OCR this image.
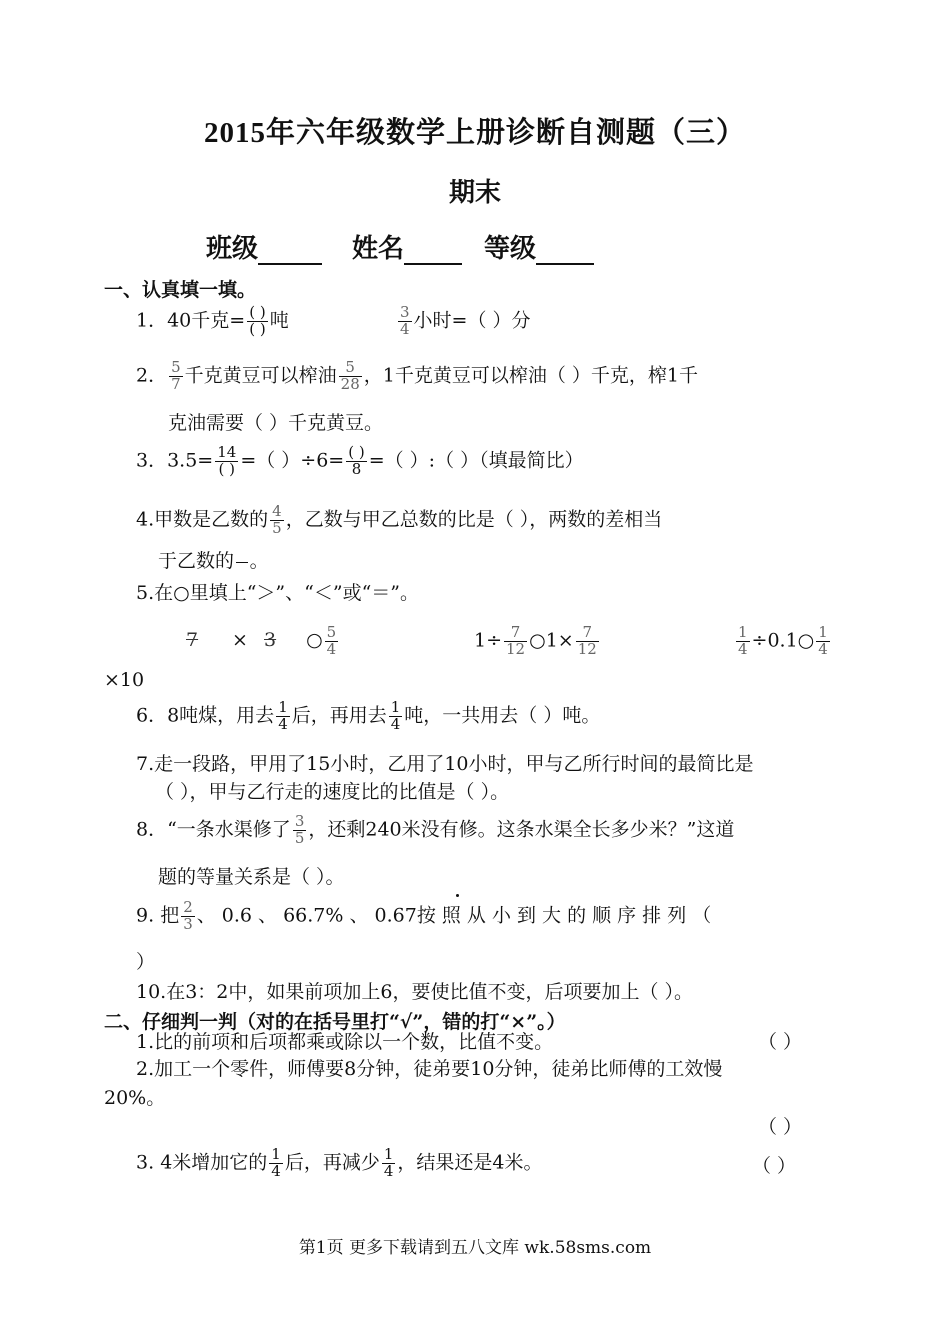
2015年六年级数学上册诊断自测题（三）
期末
班级	姓名	等级
一、认真填一填。
1．40千克= $\frac{( )}{( )}$ 吨	$\frac{3}{4}$ 小时=（ ）分
2． $\frac{5}{7}$ 千克黄豆可以榨油 $\frac{5}{28}$ ，1千克黄豆可以榨油（ ）千克，榨1千
克油需要（ ）千克黄豆。
3．$3.5= \frac{14}{( )}$ =（ ）$\div 6= \frac{( )}{8}$ =（ ）:（ ）（填最简比）
4.甲数是乙数的 $\frac{4}{5}$ ，乙数与甲乙总数的比是（ ），两数的差相当
于乙数的

。
5.在○里填上“＞”、“＜”或“＝”。
7 × 3 ○ $\frac{5}{4}$	$1\div \frac{7}{12}$ ○1× $\frac{7}{12}$	$\frac{1}{4}$ ÷0.1○ $\frac{1}{4}$
×10
6．8吨煤，用去 $\frac{1}{4}$ 后，再用去 $\frac{1}{4}$ 吨，一共用去（ ）吨。
7.走一段路，甲用了15小时，乙用了10小时，甲与乙所行时间的最简比是
（ ），甲与乙行走的速度比的比值是（ ）。
8．“一条水渠修了 $\frac{3}{5}$ ，还剩240米没有修。这条水渠全长多少米？”这道
题的等量关系是（ ）。
9. 把 $\frac{2}{3}$ 、 0.6 、 66.7% 、 0.67按 照 从 小 到 大 的 顺 序 排 列 （
）
10.在3：2中，如果前项加上6，要使比值不变，后项要加上（ ）。
二、仔细判一判（对的在括号里打“√”，错的打“×”。）
1.比的前项和后项都乘或除以一个数，比值不变。	（ ）
2.加工一个零件，师傅要8分钟，徒弟要10分钟，徒弟比师傅的工效慢
20%。
（ ）
3. 4米增加它的 $\frac{1}{4}$ 后，再减少 $\frac{1}{4}$ ，结果还是4米。	（ ）
第1页 更多下载请到五八文库 wk.58sms.com
